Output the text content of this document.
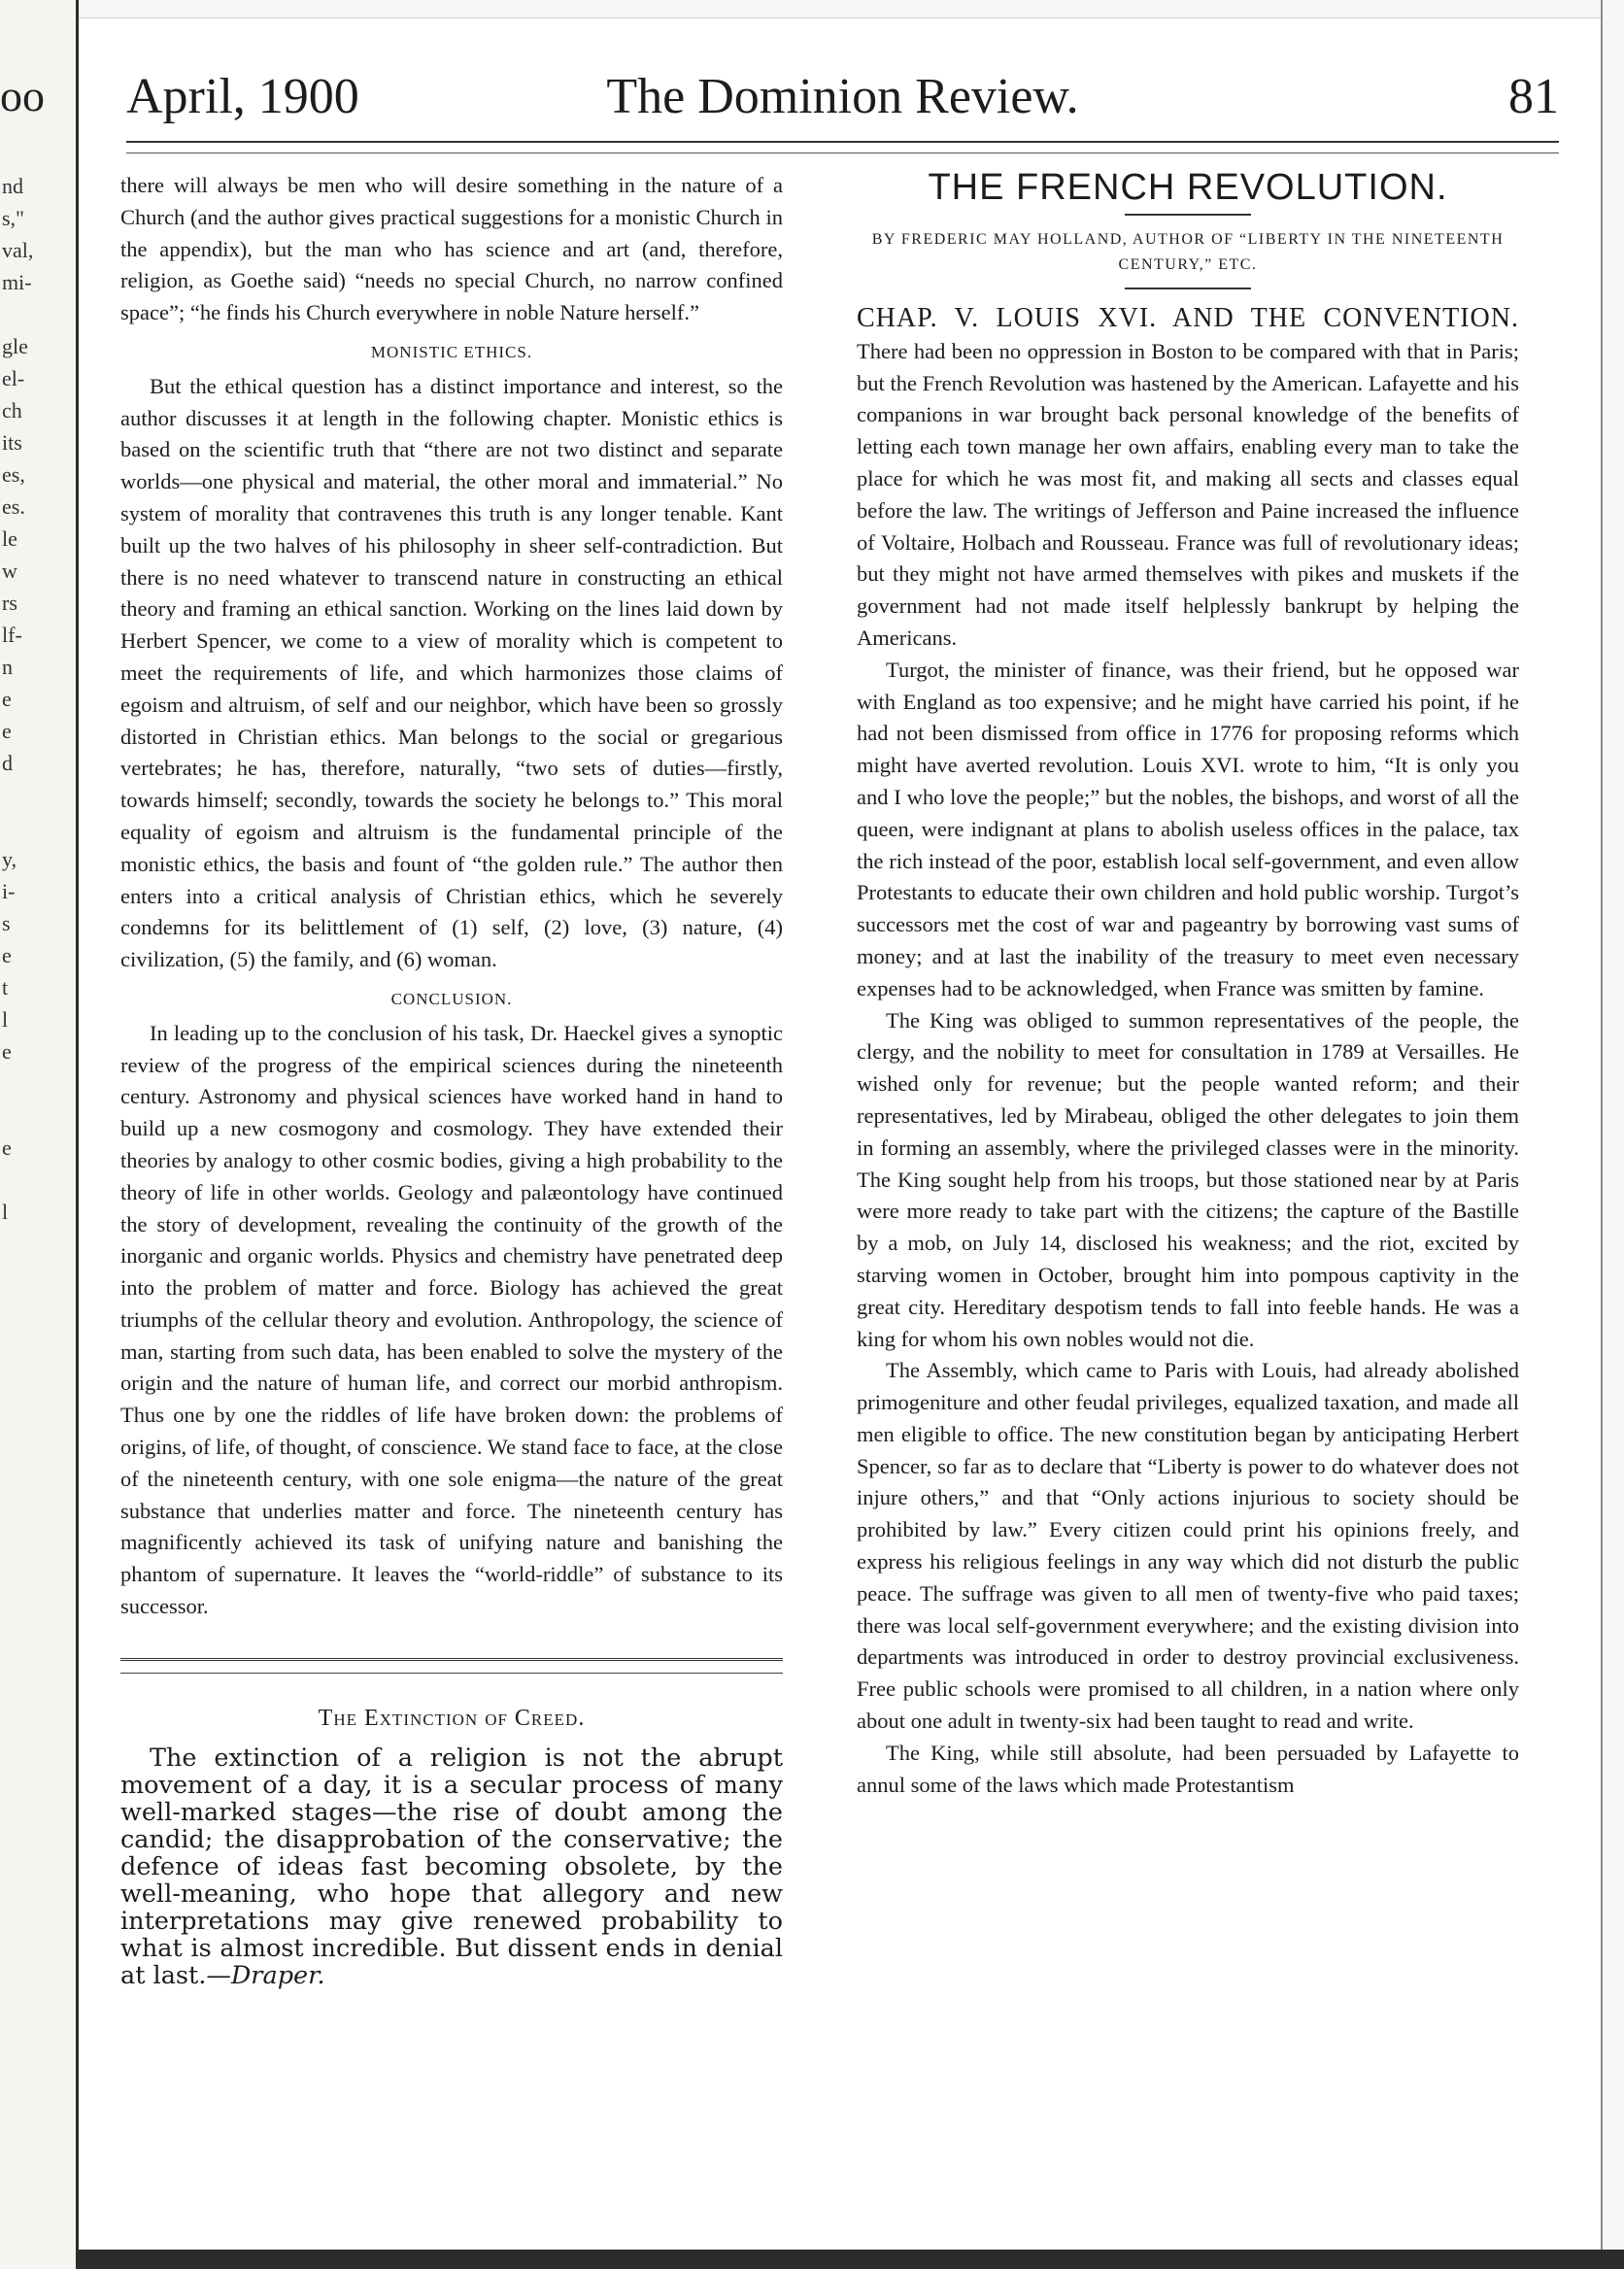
oo
nd
s,"
val,
mi-
gle
el-
ch
its
es,
es.
le
w
rs
lf-
n
e
e
d
y,
i-
s
e
t
l
e
e
l
The Dominion Review.
April, 1900	81

there will always be men who will desire something in the nature of a Church (and the author gives practical suggestions for a monistic Church in the appendix), but the man who has science and art (and, therefore, religion, as Goethe said) “needs no special Church, no narrow confined space”; “he finds his Church everywhere in noble Nature herself.”

MONISTIC ETHICS.

But the ethical question has a distinct importance and interest, so the author discusses it at length in the following chapter. Monistic ethics is based on the scientific truth that “there are not two distinct and separate worlds—one physical and material, the other moral and immaterial.” No system of morality that contravenes this truth is any longer tenable. Kant built up the two halves of his philosophy in sheer self-contradiction. But there is no need whatever to transcend nature in constructing an ethical theory and framing an ethical sanction. Working on the lines laid down by Herbert Spencer, we come to a view of morality which is competent to meet the requirements of life, and which harmonizes those claims of egoism and altruism, of self and our neighbor, which have been so grossly distorted in Christian ethics. Man belongs to the social or gregarious vertebrates; he has, therefore, naturally, “two sets of duties—firstly, towards himself; secondly, towards the society he belongs to.” This moral equality of egoism and altruism is the fundamental principle of the monistic ethics, the basis and fount of “the golden rule.” The author then enters into a critical analysis of Christian ethics, which he severely condemns for its belittlement of (1) self, (2) love, (3) nature, (4) civilization, (5) the family, and (6) woman.

CONCLUSION.

In leading up to the conclusion of his task, Dr. Haeckel gives a synoptic review of the progress of the empirical sciences during the nineteenth century. Astronomy and physical sciences have worked hand in hand to build up a new cosmogony and cosmology. They have extended their theories by analogy to other cosmic bodies, giving a high probability to the theory of life in other worlds. Geology and palæontology have continued the story of development, revealing the continuity of the growth of the inorganic and organic worlds. Physics and chemistry have penetrated deep into the problem of matter and force. Biology has achieved the great triumphs of the cellular theory and evolution. Anthropology, the science of man, starting from such data, has been enabled to solve the mystery of the origin and the nature of human life, and correct our morbid anthropism. Thus one by one the riddles of life have broken down: the problems of origins, of life, of thought, of conscience. We stand face to face, at the close of the nineteenth century, with one sole enigma—the nature of the great substance that underlies matter and force. The nineteenth century has magnificently achieved its task of unifying nature and banishing the phantom of supernature. It leaves the “world-riddle” of substance to its successor.

The Extinction of Creed.

The extinction of a religion is not the abrupt movement of a day, it is a secular process of many well-marked stages—the rise of doubt among the candid; the disapprobation of the conservative; the defence of ideas fast becoming obsolete, by the well-meaning, who hope that allegory and new interpretations may give renewed probability to what is almost incredible. But dissent ends in denial at last.—Draper.

THE FRENCH REVOLUTION.
BY FREDERIC MAY HOLLAND, AUTHOR OF “LIBERTY IN THE NINETEENTH CENTURY,” ETC.
CHAP. V. LOUIS XVI. AND THE CONVENTION.

There had been no oppression in Boston to be compared with that in Paris; but the French Revolution was hastened by the American. Lafayette and his companions in war brought back personal knowledge of the benefits of letting each town manage her own affairs, enabling every man to take the place for which he was most fit, and making all sects and classes equal before the law. The writings of Jefferson and Paine increased the influence of Voltaire, Holbach and Rousseau. France was full of revolutionary ideas; but they might not have armed themselves with pikes and muskets if the government had not made itself helplessly bankrupt by helping the Americans.

Turgot, the minister of finance, was their friend, but he opposed war with England as too expensive; and he might have carried his point, if he had not been dismissed from office in 1776 for proposing reforms which might have averted revolution. Louis XVI. wrote to him, “It is only you and I who love the people;” but the nobles, the bishops, and worst of all the queen, were indignant at plans to abolish useless offices in the palace, tax the rich instead of the poor, establish local self-government, and even allow Protestants to educate their own children and hold public worship. Turgot’s successors met the cost of war and pageantry by borrowing vast sums of money; and at last the inability of the treasury to meet even necessary expenses had to be acknowledged, when France was smitten by famine.

The King was obliged to summon representatives of the people, the clergy, and the nobility to meet for consultation in 1789 at Versailles. He wished only for revenue; but the people wanted reform; and their representatives, led by Mirabeau, obliged the other delegates to join them in forming an assembly, where the privileged classes were in the minority. The King sought help from his troops, but those stationed near by at Paris were more ready to take part with the citizens; the capture of the Bastille by a mob, on July 14, disclosed his weakness; and the riot, excited by starving women in October, brought him into pompous captivity in the great city. Hereditary despotism tends to fall into feeble hands. He was a king for whom his own nobles would not die.

The Assembly, which came to Paris with Louis, had already abolished primogeniture and other feudal privileges, equalized taxation, and made all men eligible to office. The new constitution began by anticipating Herbert Spencer, so far as to declare that “Liberty is power to do whatever does not injure others,” and that “Only actions injurious to society should be prohibited by law.” Every citizen could print his opinions freely, and express his religious feelings in any way which did not disturb the public peace. The suffrage was given to all men of twenty-five who paid taxes; there was local self-government everywhere; and the existing division into departments was introduced in order to destroy provincial exclusiveness. Free public schools were promised to all children, in a nation where only about one adult in twenty-six had been taught to read and write.

The King, while still absolute, had been persuaded by Lafayette to annul some of the laws which made Protestantism
